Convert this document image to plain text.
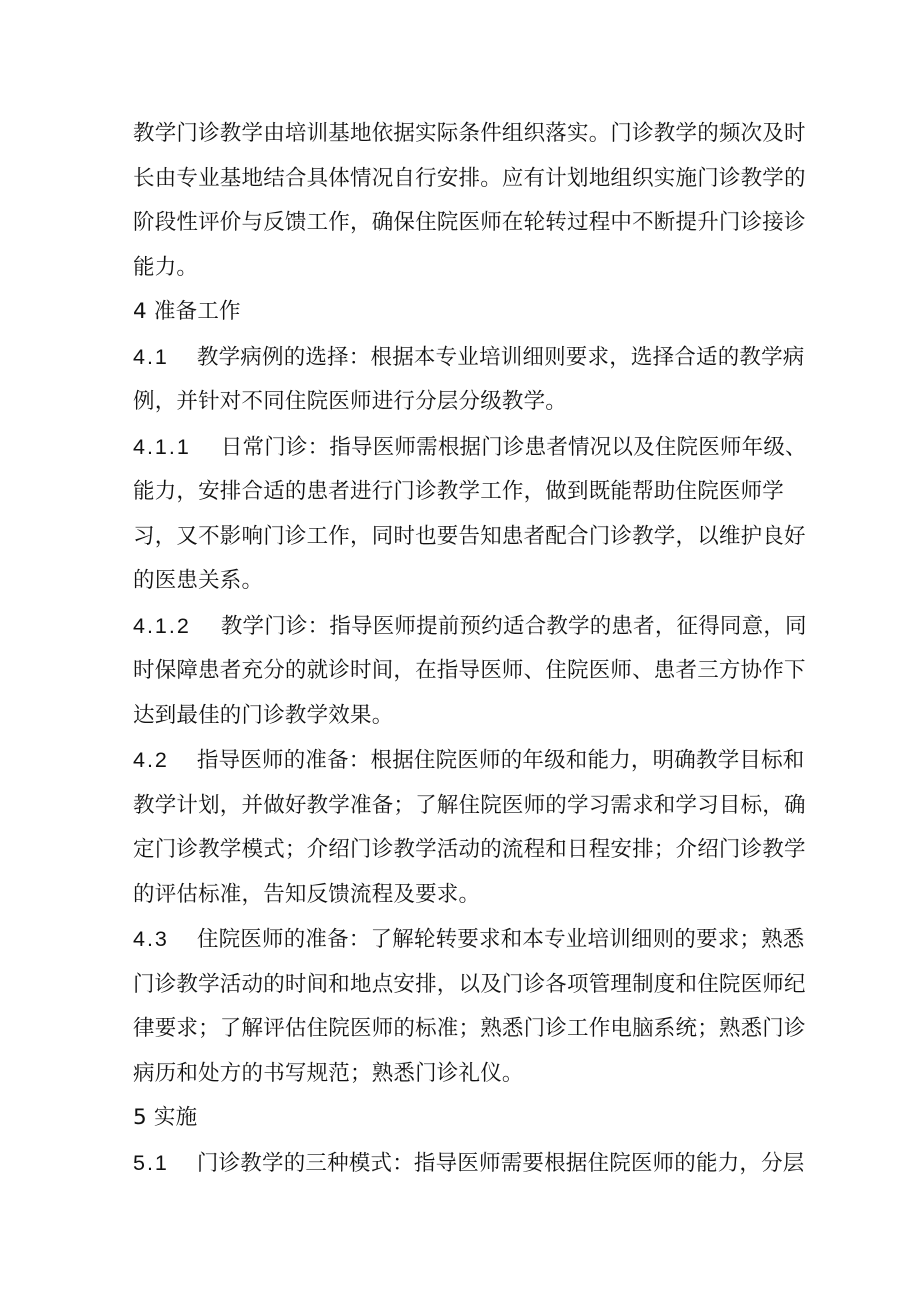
教学门诊教学由培训基地依据实际条件组织落实。门诊教学的频次及时长由专业基地结合具体情况自行安排。应有计划地组织实施门诊教学的阶段性评价与反馈工作，确保住院医师在轮转过程中不断提升门诊接诊能力。

4 准备工作

4.1 教学病例的选择：根据本专业培训细则要求，选择合适的教学病例，并针对不同住院医师进行分层分级教学。

4.1.1 日常门诊：指导医师需根据门诊患者情况以及住院医师年级、能力，安排合适的患者进行门诊教学工作，做到既能帮助住院医师学习，又不影响门诊工作，同时也要告知患者配合门诊教学，以维护良好的医患关系。

4.1.2 教学门诊：指导医师提前预约适合教学的患者，征得同意，同时保障患者充分的就诊时间，在指导医师、住院医师、患者三方协作下达到最佳的门诊教学效果。

4.2 指导医师的准备：根据住院医师的年级和能力，明确教学目标和教学计划，并做好教学准备；了解住院医师的学习需求和学习目标，确定门诊教学模式；介绍门诊教学活动的流程和日程安排；介绍门诊教学的评估标准，告知反馈流程及要求。

4.3 住院医师的准备：了解轮转要求和本专业培训细则的要求；熟悉门诊教学活动的时间和地点安排，以及门诊各项管理制度和住院医师纪律要求；了解评估住院医师的标准；熟悉门诊工作电脑系统；熟悉门诊病历和处方的书写规范；熟悉门诊礼仪。

5 实施

5.1 门诊教学的三种模式：指导医师需要根据住院医师的能力，分层
